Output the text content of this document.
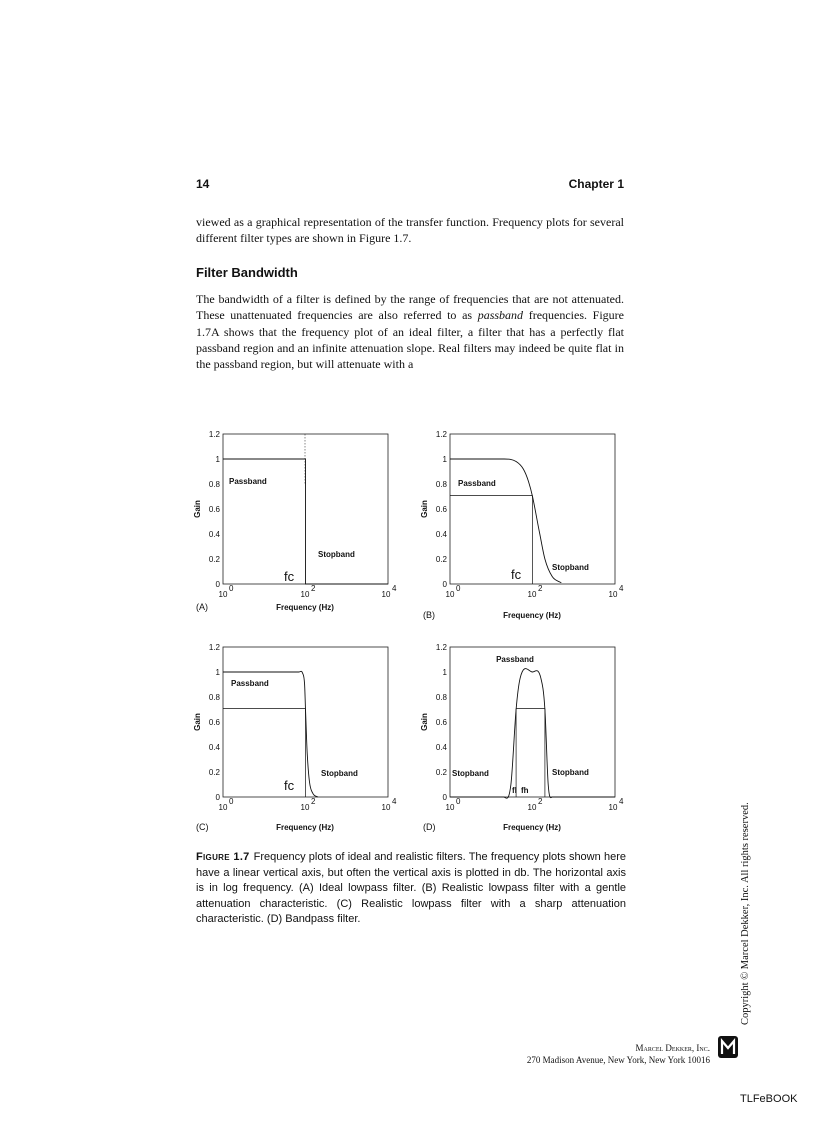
14	Chapter 1
viewed as a graphical representation of the transfer function. Frequency plots for several different filter types are shown in Figure 1.7.
Filter Bandwidth
The bandwidth of a filter is defined by the range of frequencies that are not attenuated. These unattenuated frequencies are also referred to as passband frequencies. Figure 1.7A shows that the frequency plot of an ideal filter, a filter that has a perfectly flat passband region and an infinite attenuation slope. Real filters may indeed be quite flat in the passband region, but will attenuate with a
1.2
1
0.8
0.6
0.4
0.2
0
10
0
10
2
10
4
Gain
Frequency (Hz)
(A)
Passband
Stopband
fc
1.2
1
0.8
0.6
0.4
0.2
0
10
0
10
2
10
4
Gain
Frequency (Hz)
(B)
Passband
Stopband
fc
1.2
1
0.8
0.6
0.4
0.2
0
10
0
10
2
10
4
Gain
Frequency (Hz)
(C)
Passband
Stopband
fc
1.2
1
0.8
0.6
0.4
0.2
0
10
0
10
2
10
4
Gain
Frequency (Hz)
(D)
Passband
Stopband	Stopband
fl fh
Figure 1.7 Frequency plots of ideal and realistic filters. The frequency plots shown here have a linear vertical axis, but often the vertical axis is plotted in db. The horizontal axis is in log frequency. (A) Ideal lowpass filter. (B) Realistic lowpass filter with a gentle attenuation characteristic. (C) Realistic lowpass filter with a sharp attenuation characteristic. (D) Bandpass filter.	Copyright © Marcel Dekker, Inc. All rights reserved.
Marcel Dekker, Inc.
270 Madison Avenue, New York, New York 10016
TLFeBOOK
